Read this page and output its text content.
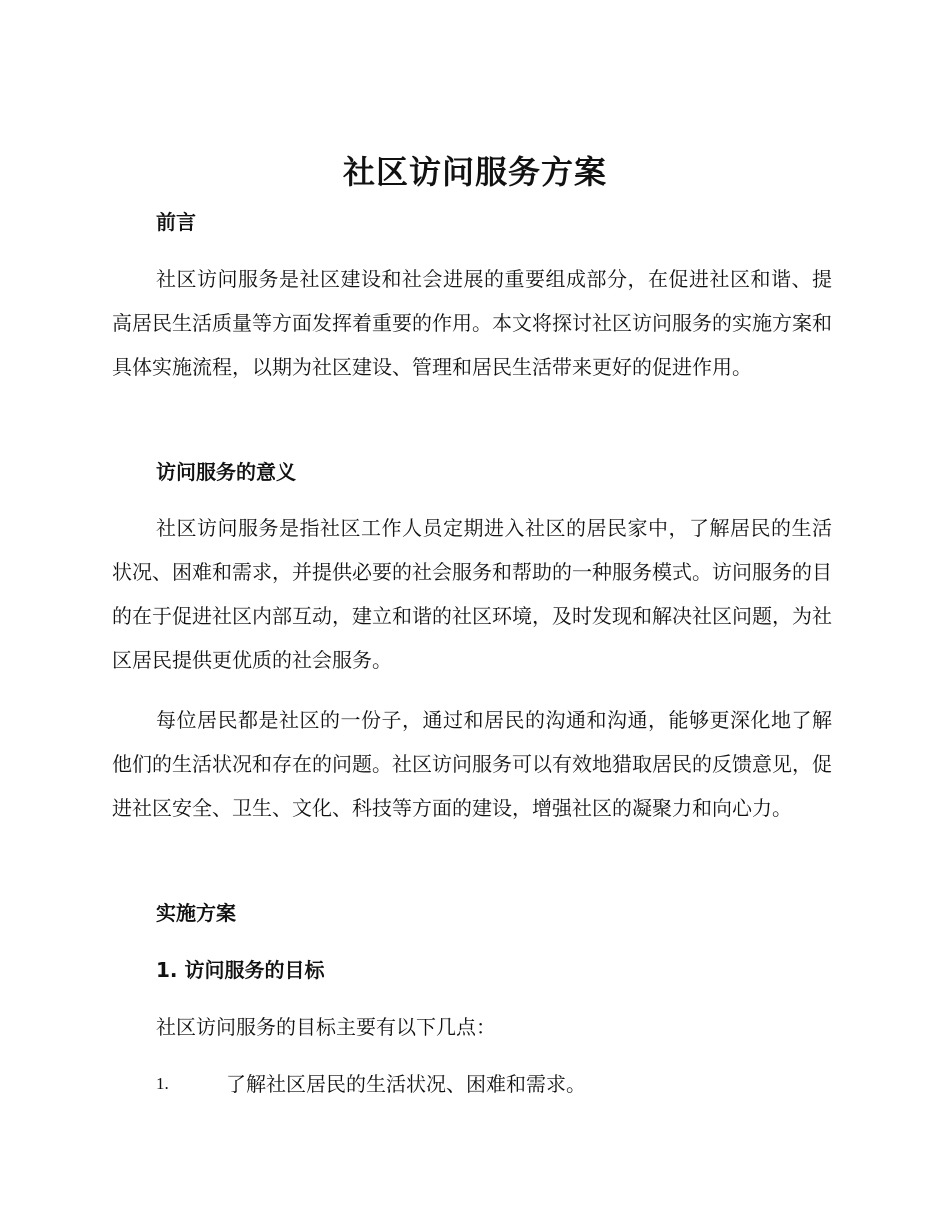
社区访问服务方案
前言
社区访问服务是社区建设和社会进展的重要组成部分，在促进社区和谐、提高居民生活质量等方面发挥着重要的作用。本文将探讨社区访问服务的实施方案和具体实施流程，以期为社区建设、管理和居民生活带来更好的促进作用。
访问服务的意义
社区访问服务是指社区工作人员定期进入社区的居民家中，了解居民的生活状况、困难和需求，并提供必要的社会服务和帮助的一种服务模式。访问服务的目的在于促进社区内部互动，建立和谐的社区环境，及时发现和解决社区问题，为社区居民提供更优质的社会服务。
每位居民都是社区的一份子，通过和居民的沟通和沟通，能够更深化地了解他们的生活状况和存在的问题。社区访问服务可以有效地猎取居民的反馈意见，促进社区安全、卫生、文化、科技等方面的建设，增强社区的凝聚力和向心力。
实施方案
1. 访问服务的目标
社区访问服务的目标主要有以下几点：
1.	了解社区居民的生活状况、困难和需求。
